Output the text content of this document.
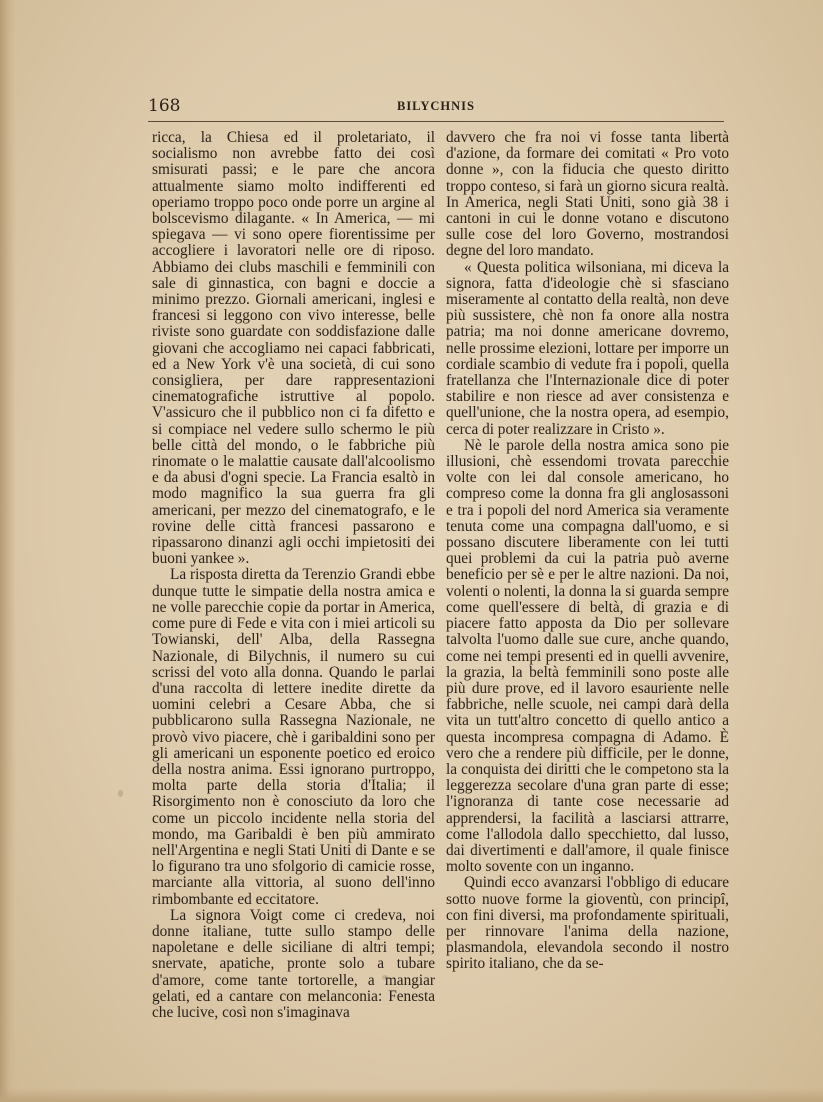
168	BILYCHNIS

ricca, la Chiesa ed il proletariato, il socialismo non avrebbe fatto dei così smisurati passi; e le pare che ancora attualmente siamo molto indifferenti ed operiamo troppo poco onde porre un argine al bolscevismo dilagante. « In America, — mi spiegava — vi sono opere fiorentissime per accogliere i lavoratori nelle ore di riposo. Abbiamo dei clubs maschili e femminili con sale di ginnastica, con bagni e doccie a minimo prezzo. Giornali americani, inglesi e francesi si leggono con vivo interesse, belle riviste sono guardate con soddisfazione dalle giovani che accogliamo nei capaci fabbricati, ed a New York v'è una società, di cui sono consigliera, per dare rappresentazioni cinematografiche istruttive al popolo. V'assicuro che il pubblico non ci fa difetto e si compiace nel vedere sullo schermo le più belle città del mondo, o le fabbriche più rinomate o le malattie causate dall'alcoolismo e da abusi d'ogni specie. La Francia esaltò in modo magnifico la sua guerra fra gli americani, per mezzo del cinematografo, e le rovine delle città francesi passarono e ripassarono dinanzi agli occhi impietositi dei buoni yankee ».

La risposta diretta da Terenzio Grandi ebbe dunque tutte le simpatie della nostra amica e ne volle parecchie copie da portar in America, come pure di Fede e vita con i miei articoli su Towianski, dell' Alba, della Rassegna Nazionale, di Bilychnis, il numero su cui scrissi del voto alla donna. Quando le parlai d'una raccolta di lettere inedite dirette da uomini celebri a Cesare Abba, che si pubblicarono sulla Rassegna Nazionale, ne provò vivo piacere, chè i garibaldini sono per gli americani un esponente poetico ed eroico della nostra anima. Essi ignorano purtroppo, molta parte della storia d'Italia; il Risorgimento non è conosciuto da loro che come un piccolo incidente nella storia del mondo, ma Garibaldi è ben più ammirato nell'Argentina e negli Stati Uniti di Dante e se lo figurano tra uno sfolgorio di camicie rosse, marciante alla vittoria, al suono dell'inno rimbombante ed eccitatore.

La signora Voigt come ci credeva, noi donne italiane, tutte sullo stampo delle napoletane e delle siciliane di altri tempi; snervate, apatiche, pronte solo a tubare d'amore, come tante tortorelle, a mangiar gelati, ed a cantare con melanconia: Fenesta che lucive, così non s'imaginava

davvero che fra noi vi fosse tanta libertà d'azione, da formare dei comitati « Pro voto donne », con la fiducia che questo diritto troppo conteso, si farà un giorno sicura realtà. In America, negli Stati Uniti, sono già 38 i cantoni in cui le donne votano e discutono sulle cose del loro Governo, mostrandosi degne del loro mandato.

« Questa politica wilsoniana, mi diceva la signora, fatta d'ideologie chè si sfasciano miseramente al contatto della realtà, non deve più sussistere, chè non fa onore alla nostra patria; ma noi donne americane dovremo, nelle prossime elezioni, lottare per imporre un cordiale scambio di vedute fra i popoli, quella fratellanza che l'Internazionale dice di poter stabilire e non riesce ad aver consistenza e quell'unione, che la nostra opera, ad esempio, cerca di poter realizzare in Cristo ».

Nè le parole della nostra amica sono pie illusioni, chè essendomi trovata parecchie volte con lei dal console americano, ho compreso come la donna fra gli anglosassoni e tra i popoli del nord America sia veramente tenuta come una compagna dall'uomo, e si possano discutere liberamente con lei tutti quei problemi da cui la patria può averne beneficio per sè e per le altre nazioni. Da noi, volenti o nolenti, la donna la si guarda sempre come quell'essere di beltà, di grazia e di piacere fatto apposta da Dio per sollevare talvolta l'uomo dalle sue cure, anche quando, come nei tempi presenti ed in quelli avvenire, la grazia, la beltà femminili sono poste alle più dure prove, ed il lavoro esauriente nelle fabbriche, nelle scuole, nei campi darà della vita un tutt'altro concetto di quello antico a questa incompresa compagna di Adamo. È vero che a rendere più difficile, per le donne, la conquista dei diritti che le competono sta la leggerezza secolare d'una gran parte di esse; l'ignoranza di tante cose necessarie ad apprendersi, la facilità a lasciarsi attrarre, come l'allodola dallo specchietto, dal lusso, dai divertimenti e dall'amore, il quale finisce molto sovente con un inganno.

Quindi ecco avanzarsi l'obbligo di educare sotto nuove forme la gioventù, con principî, con fini diversi, ma profondamente spirituali, per rinnovare l'anima della nazione, plasmandola, elevandola secondo il nostro spirito italiano, che da se-
